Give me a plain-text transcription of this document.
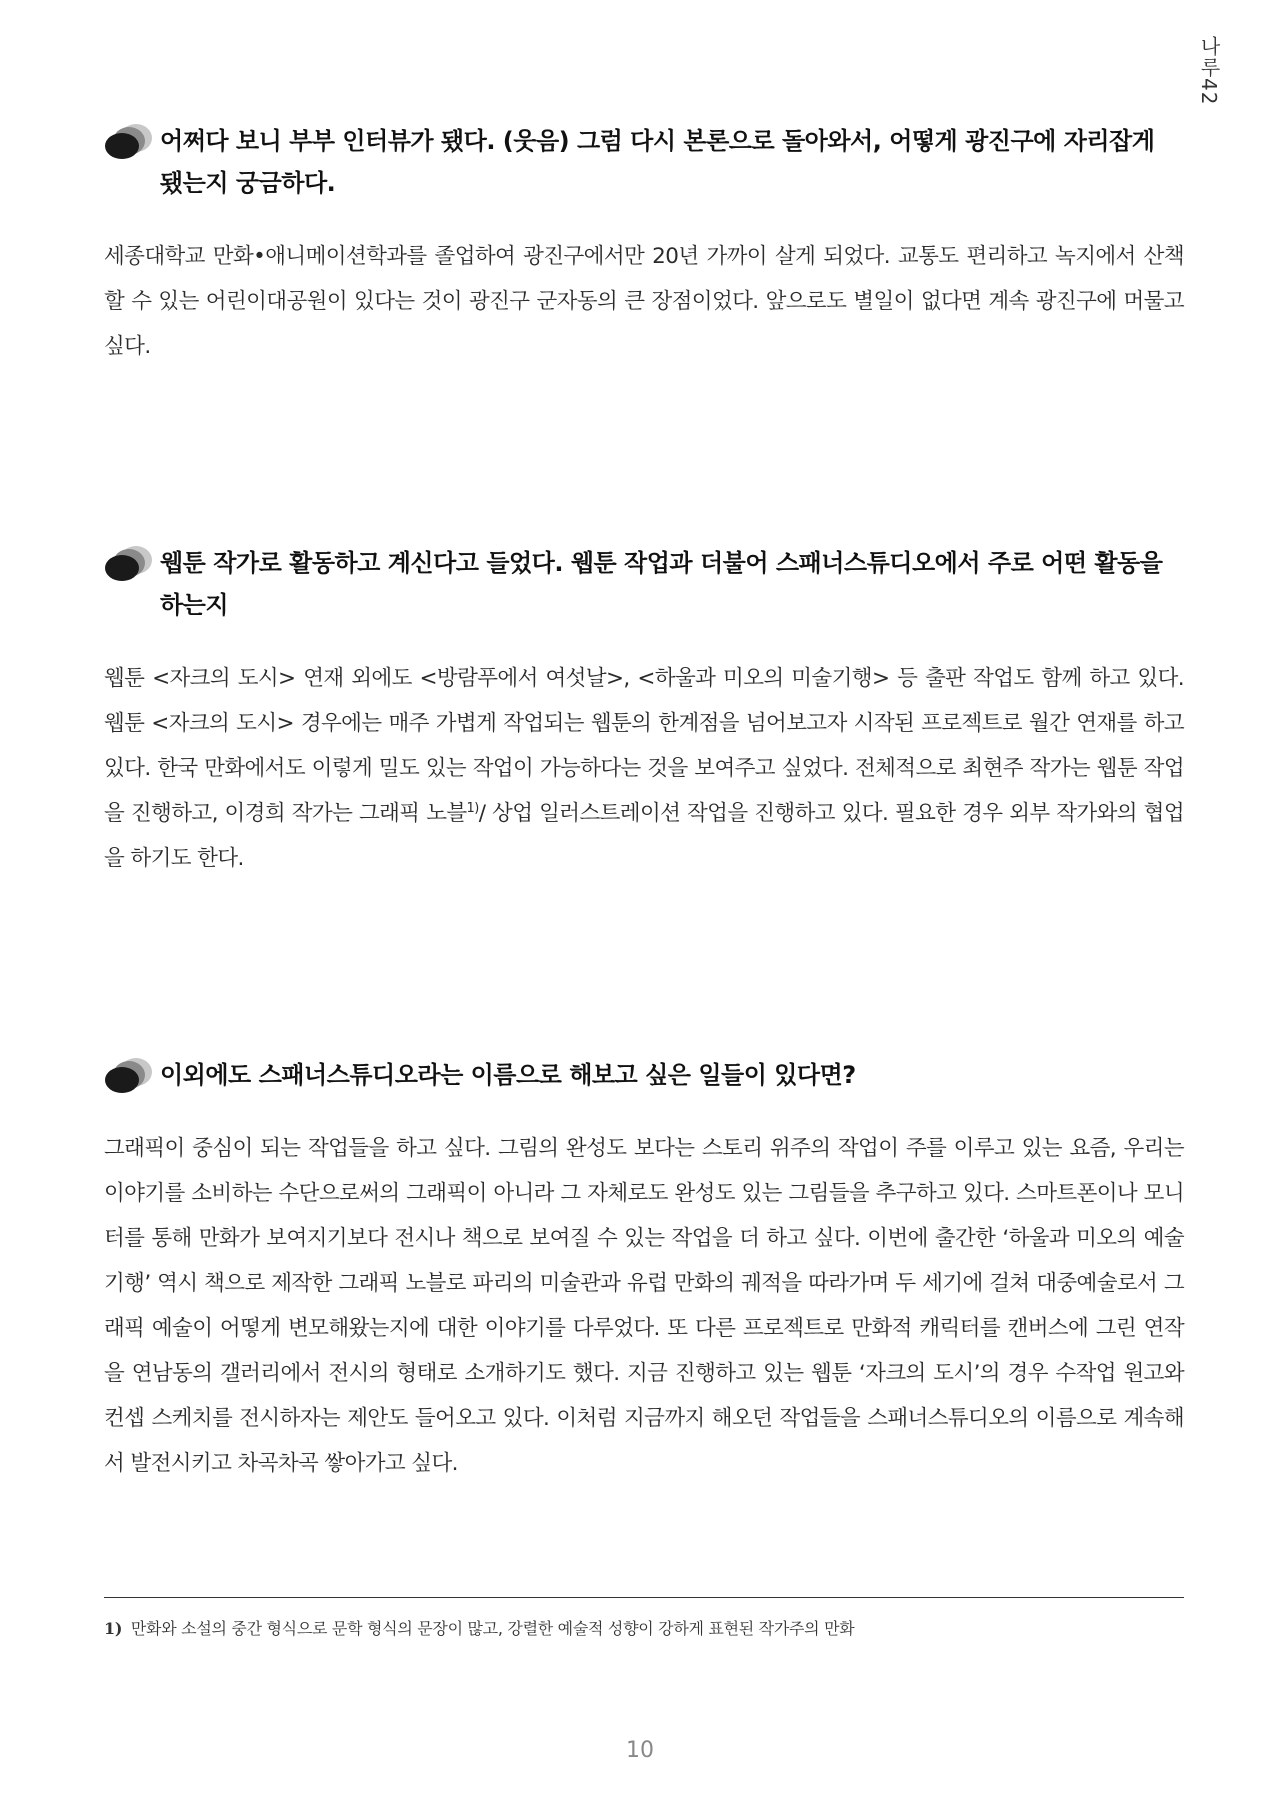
나루42
어쩌다 보니 부부 인터뷰가 됐다. (웃음) 그럼 다시 본론으로 돌아와서, 어떻게 광진구에 자리잡게 됐는지 궁금하다.
세종대학교 만화•애니메이션학과를 졸업하여 광진구에서만 20년 가까이 살게 되었다. 교통도 편리하고 녹지에서 산책할 수 있는 어린이대공원이 있다는 것이 광진구 군자동의 큰 장점이었다. 앞으로도 별일이 없다면 계속 광진구에 머물고 싶다.
웹툰 작가로 활동하고 계신다고 들었다. 웹툰 작업과 더불어 스패너스튜디오에서 주로 어떤 활동을 하는지
웹툰 <자크의 도시> 연재 외에도 <방람푸에서 여섯날>, <하울과 미오의 미술기행> 등 출판 작업도 함께 하고 있다. 웹툰 <자크의 도시> 경우에는 매주 가볍게 작업되는 웹툰의 한계점을 넘어보고자 시작된 프로젝트로 월간 연재를 하고 있다. 한국 만화에서도 이렇게 밀도 있는 작업이 가능하다는 것을 보여주고 싶었다. 전체적으로 최현주 작가는 웹툰 작업을 진행하고, 이경희 작가는 그래픽 노블$^{1)}$/ 상업 일러스트레이션 작업을 진행하고 있다. 필요한 경우 외부 작가와의 협업을 하기도 한다.
이외에도 스패너스튜디오라는 이름으로 해보고 싶은 일들이 있다면?
그래픽이 중심이 되는 작업들을 하고 싶다. 그림의 완성도 보다는 스토리 위주의 작업이 주를 이루고 있는 요즘, 우리는 이야기를 소비하는 수단으로써의 그래픽이 아니라 그 자체로도 완성도 있는 그림들을 추구하고 있다. 스마트폰이나 모니터를 통해 만화가 보여지기보다 전시나 책으로 보여질 수 있는 작업을 더 하고 싶다. 이번에 출간한 ‘하울과 미오의 예술기행’ 역시 책으로 제작한 그래픽 노블로 파리의 미술관과 유럽 만화의 궤적을 따라가며 두 세기에 걸쳐 대중예술로서 그래픽 예술이 어떻게 변모해왔는지에 대한 이야기를 다루었다. 또 다른 프로젝트로 만화적 캐릭터를 캔버스에 그린 연작을 연남동의 갤러리에서 전시의 형태로 소개하기도 했다. 지금 진행하고 있는 웹툰 ‘자크의 도시’의 경우 수작업 원고와 컨셉 스케치를 전시하자는 제안도 들어오고 있다. 이처럼 지금까지 해오던 작업들을 스패너스튜디오의 이름으로 계속해서 발전시키고 차곡차곡 쌓아가고 싶다.
1) 만화와 소설의 중간 형식으로 문학 형식의 문장이 많고, 강렬한 예술적 성향이 강하게 표현된 작가주의 만화
10
